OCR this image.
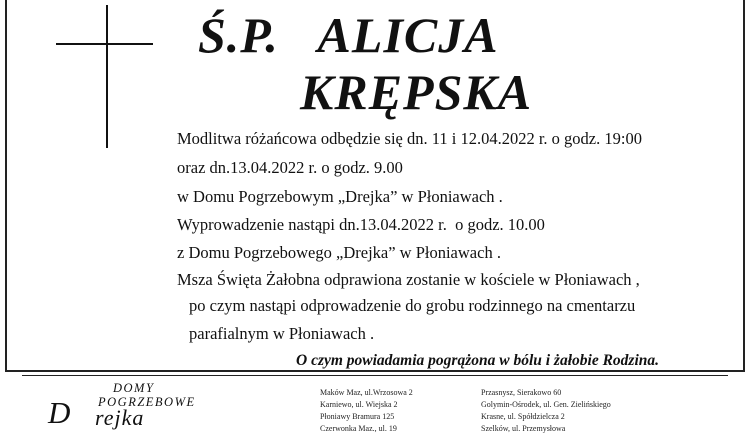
Ś.P.   ALICJA
KRĘPSKA

Modlitwa różańcowa odbędzie się dn. 11 i 12.04.2022 r. o godz. 19:00

oraz dn.13.04.2022 r. o godz. 9.00

w Domu Pogrzebowym „Drejka” w Płoniawach .

Wyprowadzenie nastąpi dn.13.04.2022 r.  o godz. 10.00

z Domu Pogrzebowego „Drejka” w Płoniawach .

Msza Święta Żałobna odprawiona zostanie w kościele w Płoniawach ,

po czym nastąpi odprowadzenie do grobu rodzinnego na cmentarzu

parafialnym w Płoniawach .

O czym powiadamia pogrążona w bólu i żałobie Rodzina.
DOMY
POGRZEBOWE
D rejka
Maków Maz, ul.Wrzosowa 2
Karniewo, ul. Wiejska 2
Płoniawy Bramura 125
Czerwonka Maz., ul. 19
Przasnysz, Sierakowo 60
Golymin-Ośrodek, ul. Gen. Zielińskiego
Krasne, ul. Spółdzielcza 2
Szelków, ul. Przemysłowa
